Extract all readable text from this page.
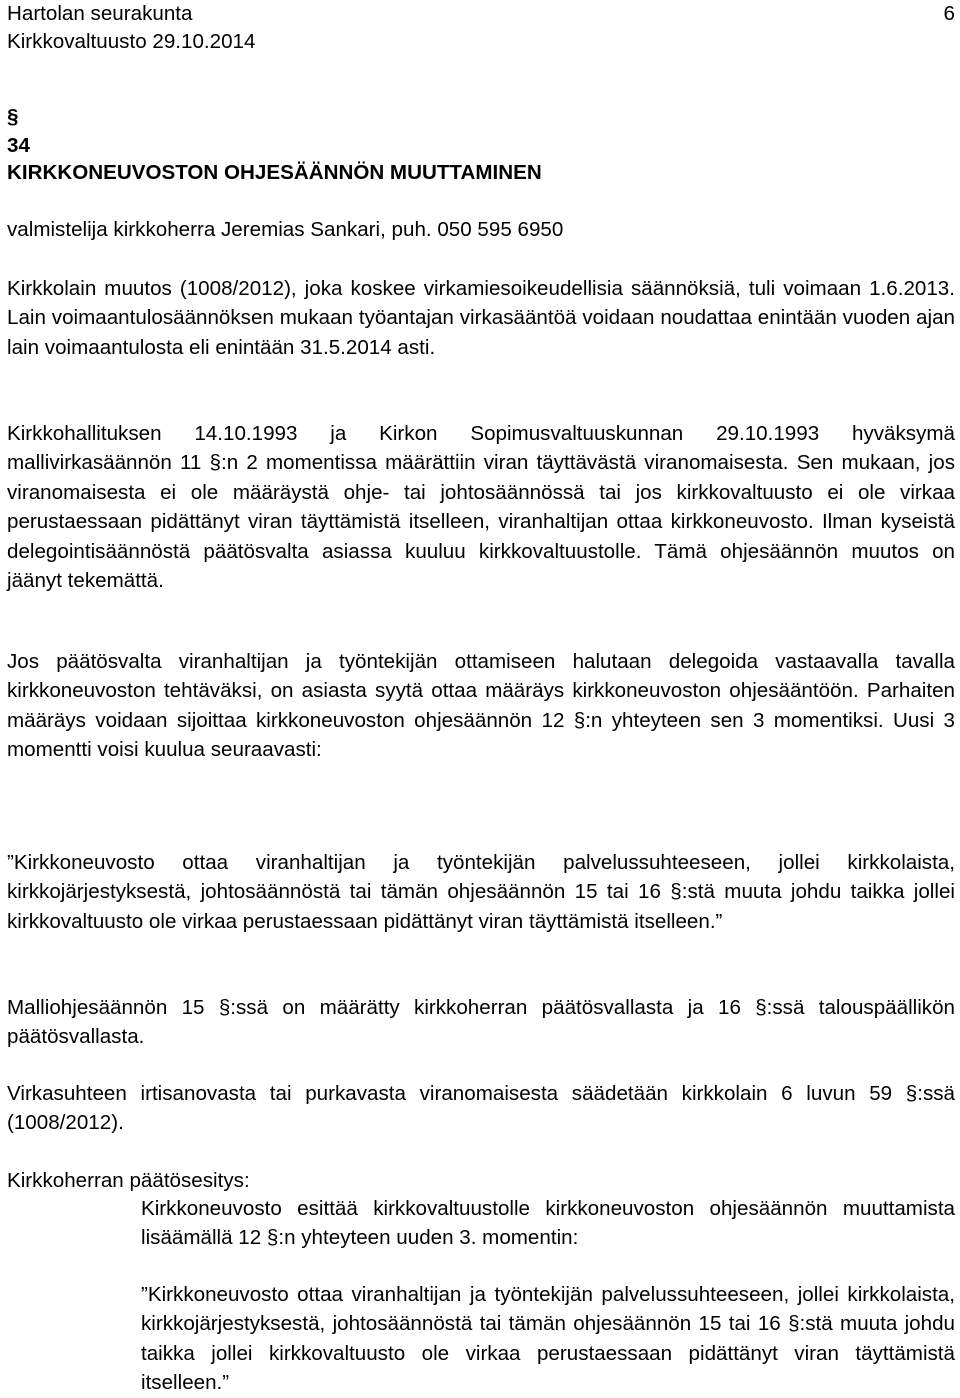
Hartolan seurakunta	6
Kirkkovaltuusto 29.10.2014
§
34
KIRKKONEUVOSTON OHJESÄÄNNÖN MUUTTAMINEN

valmistelija kirkkoherra Jeremias Sankari, puh. 050 595 6950

Kirkkolain muutos (1008/2012), joka koskee virkamiesoikeudellisia säännöksiä, tuli voimaan 1.6.2013. Lain voimaantulosäännöksen mukaan työantajan virkasääntöä voidaan noudattaa enintään vuoden ajan lain voimaantulosta eli enintään 31.5.2014 asti.

Kirkkohallituksen 14.10.1993 ja Kirkon Sopimusvaltuuskunnan 29.10.1993 hyväksymä mallivirkasäännön 11 §:n 2 momentissa määrättiin viran täyttävästä viranomaisesta. Sen mukaan, jos viranomaisesta ei ole määräystä ohje- tai johtosäännössä tai jos kirkkovaltuusto ei ole virkaa perustaessaan pidättänyt viran täyttämistä itselleen, viranhaltijan ottaa kirkkoneuvosto. Ilman kyseistä delegointisäännöstä päätösvalta asiassa kuuluu kirkkovaltuustolle. Tämä ohjesäännön muutos on jäänyt tekemättä.

Jos päätösvalta viranhaltijan ja työntekijän ottamiseen halutaan delegoida vastaavalla tavalla kirkkoneuvoston tehtäväksi, on asiasta syytä ottaa määräys kirkkoneuvoston ohjesääntöön. Parhaiten määräys voidaan sijoittaa kirkkoneuvoston ohjesäännön 12 §:n yhteyteen sen 3 momentiksi. Uusi 3 momentti voisi kuulua seuraavasti:

”Kirkkoneuvosto ottaa viranhaltijan ja työntekijän palvelussuhteeseen, jollei kirkkolaista, kirkkojärjestyksestä, johtosäännöstä tai tämän ohjesäännön 15 tai 16 §:stä muuta johdu taikka jollei kirkkovaltuusto ole virkaa perustaessaan pidättänyt viran täyttämistä itselleen.”

Malliohjesäännön 15 §:ssä on määrätty kirkkoherran päätösvallasta ja 16 §:ssä talouspäällikön päätösvallasta.

Virkasuhteen irtisanovasta tai purkavasta viranomaisesta säädetään kirkkolain 6 luvun 59 §:ssä (1008/2012).

Kirkkoherran päätösesitys:

Kirkkoneuvosto esittää kirkkovaltuustolle kirkkoneuvoston ohjesäännön muuttamista lisäämällä 12 §:n yhteyteen uuden 3. momentin:

”Kirkkoneuvosto ottaa viranhaltijan ja työntekijän palvelussuhteeseen, jollei kirkkolaista, kirkkojärjestyksestä, johtosäännöstä tai tämän ohjesäännön 15 tai 16 §:stä muuta johdu taikka jollei kirkkovaltuusto ole virkaa perustaessaan pidättänyt viran täyttämistä itselleen.”
